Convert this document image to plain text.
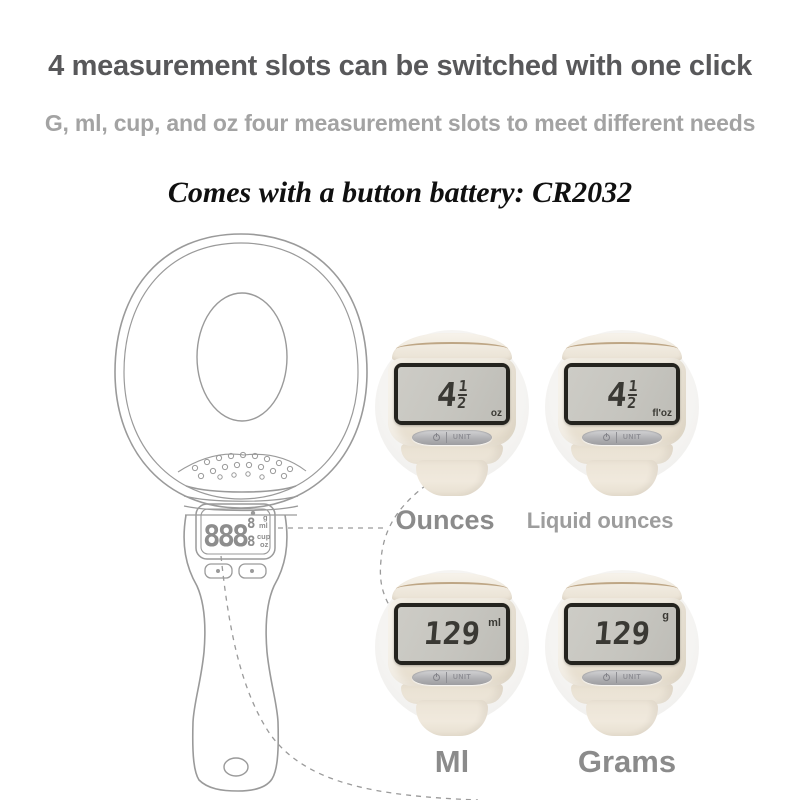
4 measurement slots can be switched with one click
G, ml, cup, and oz four measurement slots to meet different needs
Comes with a button battery: CR2032
888 8
8
g
ml
cup
oz
4
$\frac{1}{2}$
oz
UNIT
4
$\frac{1}{2}$
fl'oz
UNIT
129 ml
UNIT
129 g
UNIT
Ounces	Liquid ounces
Ml	Grams
